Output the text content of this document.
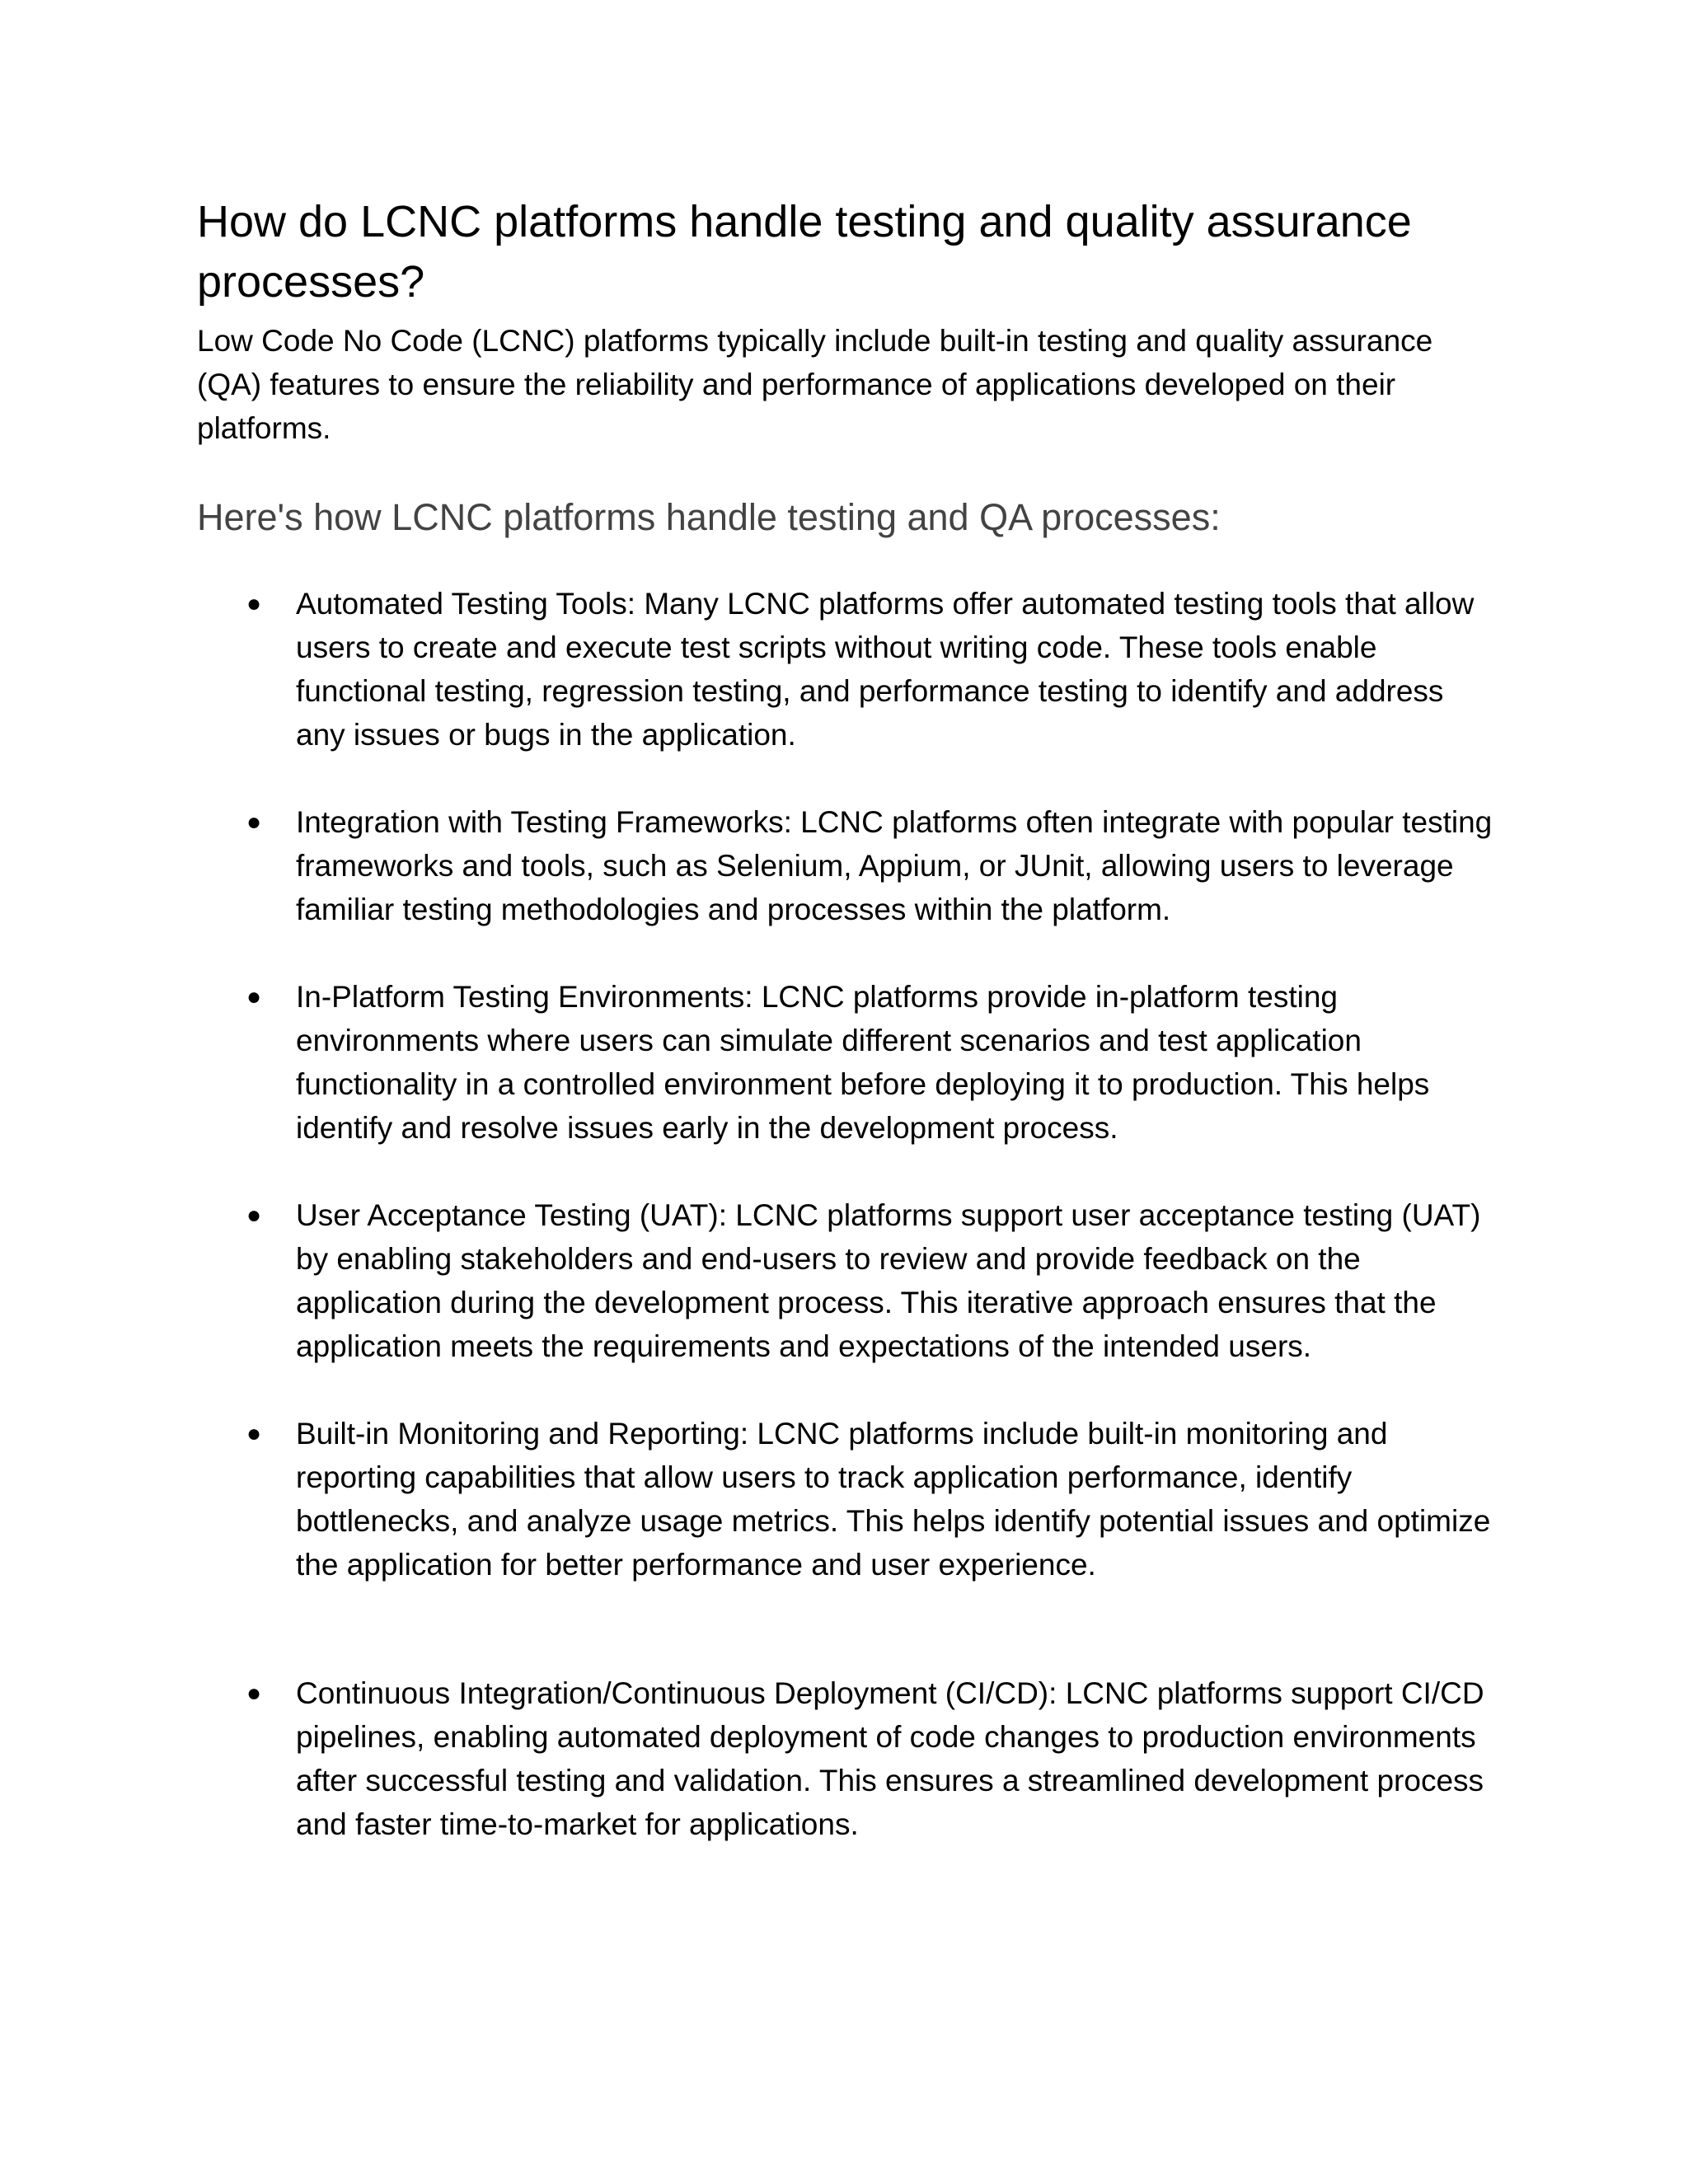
How do LCNC platforms handle testing and quality assurance processes?

Low Code No Code (LCNC) platforms typically include built-in testing and quality assurance (QA) features to ensure the reliability and performance of applications developed on their platforms.

Here's how LCNC platforms handle testing and QA processes:
● Automated Testing Tools: Many LCNC platforms offer automated testing tools that allow users to create and execute test scripts without writing code. These tools enable functional testing, regression testing, and performance testing to identify and address any issues or bugs in the application.
● Integration with Testing Frameworks: LCNC platforms often integrate with popular testing frameworks and tools, such as Selenium, Appium, or JUnit, allowing users to leverage familiar testing methodologies and processes within the platform.
● In-Platform Testing Environments: LCNC platforms provide in-platform testing environments where users can simulate different scenarios and test application functionality in a controlled environment before deploying it to production. This helps identify and resolve issues early in the development process.
● User Acceptance Testing (UAT): LCNC platforms support user acceptance testing (UAT) by enabling stakeholders and end-users to review and provide feedback on the application during the development process. This iterative approach ensures that the application meets the requirements and expectations of the intended users.
● Built-in Monitoring and Reporting: LCNC platforms include built-in monitoring and reporting capabilities that allow users to track application performance, identify bottlenecks, and analyze usage metrics. This helps identify potential issues and optimize the application for better performance and user experience.
● Continuous Integration/Continuous Deployment (CI/CD): LCNC platforms support CI/CD pipelines, enabling automated deployment of code changes to production environments after successful testing and validation. This ensures a streamlined development process and faster time-to-market for applications.
